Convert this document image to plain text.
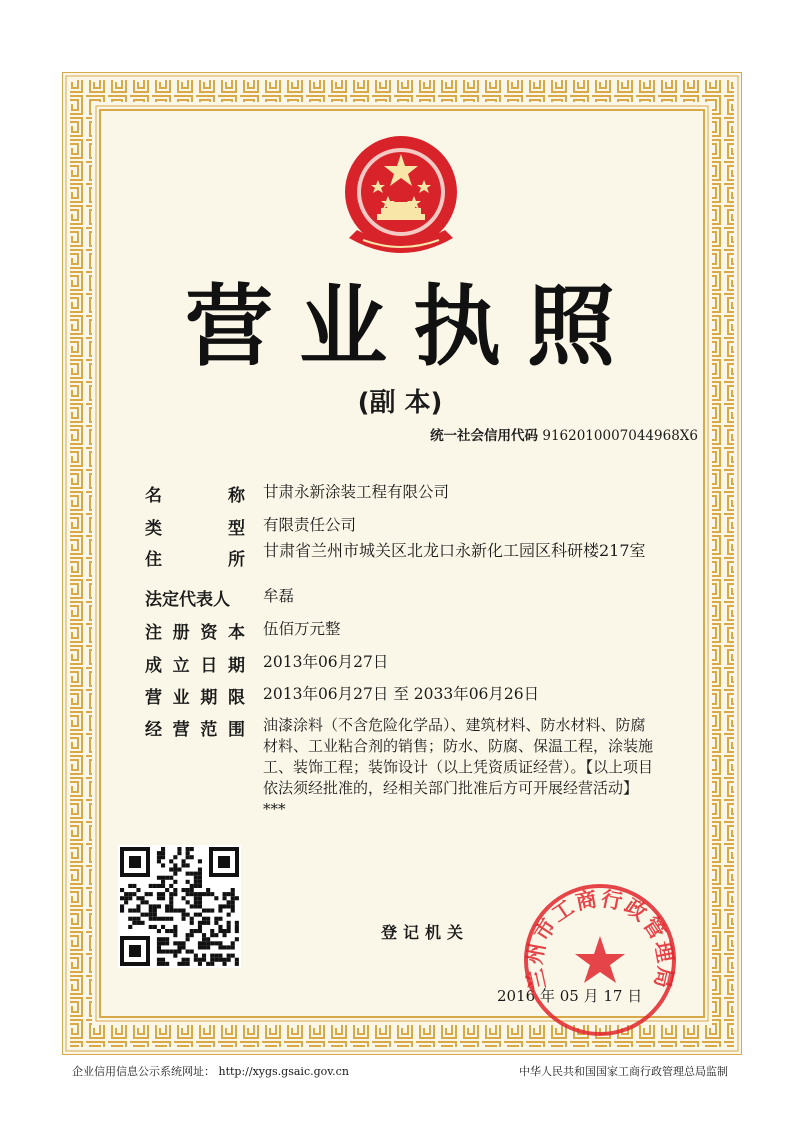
营业执照
(副 本)
统一社会信用代码 9162010007044968X6
名	称 甘肃永新涂装工程有限公司
类	型 有限责任公司
住	所 甘肃省兰州市城关区北龙口永新化工园区科研楼217室
法定代表人	牟磊
注 册 资 本 伍佰万元整
成 立 日 期 2013年06月27日
营 业 期 限 2013年06月27日 至 2033年06月26日
经 营 范 围 油漆涂料（不含危险化学品）、建筑材料、防水材料、防腐材料、工业粘合剂的销售；防水、防腐、保温工程，涂装施工、装饰工程；装饰设计（以上凭资质证经营）。【以上项目依法须经批准的，经相关部门批准后方可开展经营活动】***
登记机关
2016 年 05 月 17 日
兰州市工商行政管理局
企业信用信息公示系统网址： http://xygs.gsaic.gov.cn	中华人民共和国国家工商行政管理总局监制
